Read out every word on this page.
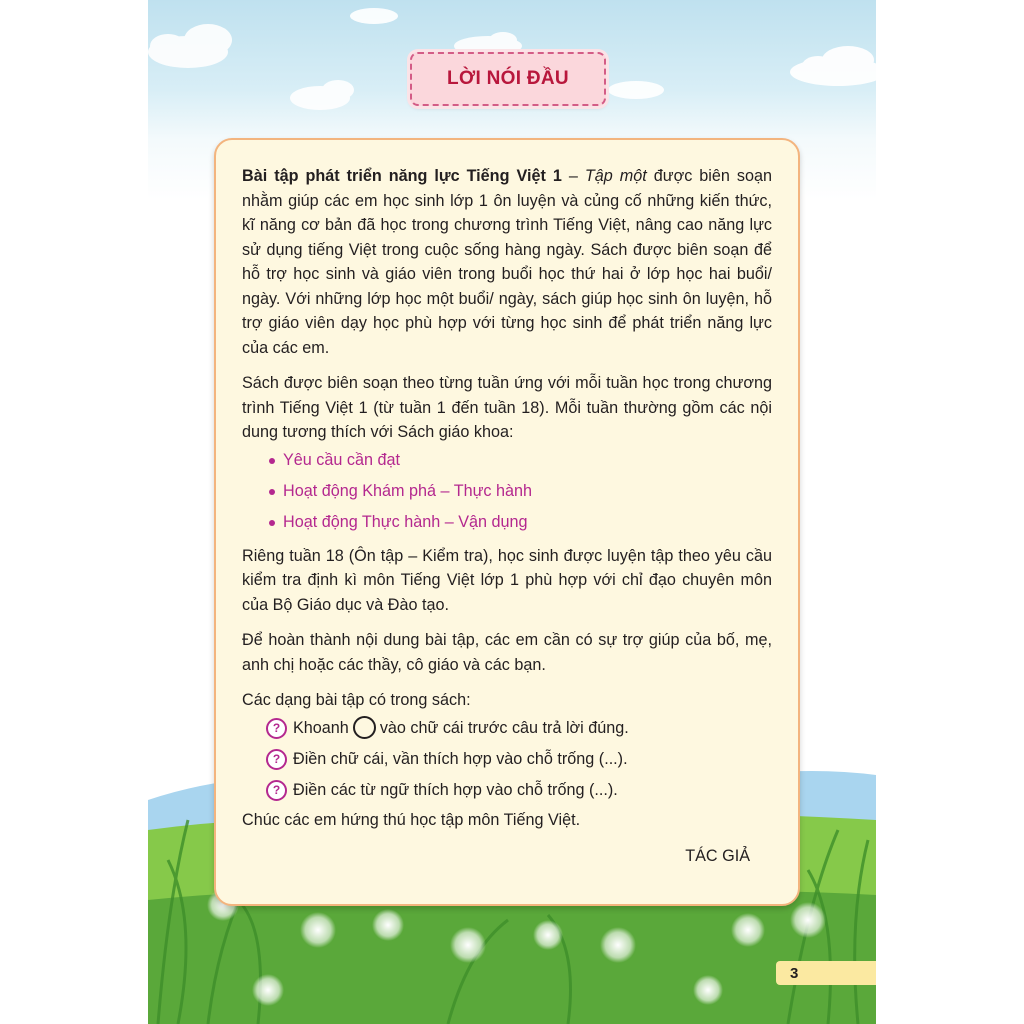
LỜI NÓI ĐẦU

Bài tập phát triển năng lực Tiếng Việt 1 – Tập một được biên soạn nhằm giúp các em học sinh lớp 1 ôn luyện và củng cố những kiến thức, kĩ năng cơ bản đã học trong chương trình Tiếng Việt, nâng cao năng lực sử dụng tiếng Việt trong cuộc sống hàng ngày. Sách được biên soạn để hỗ trợ học sinh và giáo viên trong buổi học thứ hai ở lớp học hai buổi/ ngày. Với những lớp học một buổi/ ngày, sách giúp học sinh ôn luyện, hỗ trợ giáo viên dạy học phù hợp với từng học sinh để phát triển năng lực của các em.

Sách được biên soạn theo từng tuần ứng với mỗi tuần học trong chương trình Tiếng Việt 1 (từ tuần 1 đến tuần 18). Mỗi tuần thường gồm các nội dung tương thích với Sách giáo khoa:

Yêu cầu cần đạt
Hoạt động Khám phá – Thực hành
Hoạt động Thực hành – Vận dụng

Riêng tuần 18 (Ôn tập – Kiểm tra), học sinh được luyện tập theo yêu cầu kiểm tra định kì môn Tiếng Việt lớp 1 phù hợp với chỉ đạo chuyên môn của Bộ Giáo dục và Đào tạo.

Để hoàn thành nội dung bài tập, các em cần có sự trợ giúp của bố, mẹ, anh chị hoặc các thầy, cô giáo và các bạn.

Các dạng bài tập có trong sách:

? Khoanh vào chữ cái trước câu trả lời đúng.
? Điền chữ cái, vần thích hợp vào chỗ trống (...).
? Điền các từ ngữ thích hợp vào chỗ trống (...).

Chúc các em hứng thú học tập môn Tiếng Việt.

TÁC GIẢ

3
